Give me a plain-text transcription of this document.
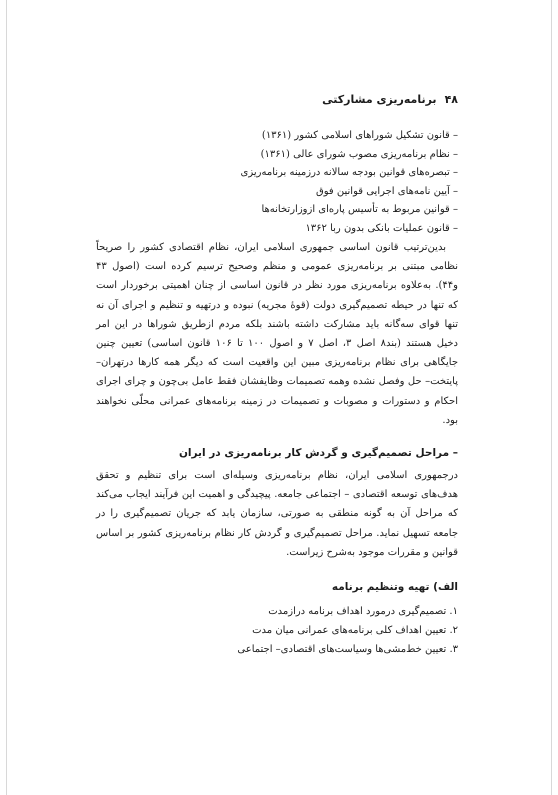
۴۸
برنامه‌ریزی مشارکتی
– قانون تشکیل شوراهای اسلامی کشور (۱۳۶۱)
– نظام برنامه‌ریزی مصوب شورای عالی (۱۳۶۱)
– تبصره‌های قوانین بودجه سالانه درزمینه برنامه‌ریزی
– آیین نامه‌های اجرایی قوانین فوق
– قوانین مربوط به تأسیس پاره‌ای ازوزارتخانه‌ها
– قانون عملیات بانکی بدون ربا ۱۳۶۲

بدین‌ترتیب قانون اساسی جمهوری اسلامی ایران، نظام اقتصادی کشور را صریحاً نظامی مبتنی بر برنامه‌ریزی عمومی و منظم وصحیح ترسیم کرده است (اصول ۴۳ و۴۴). به‌علاوه برنامه‌ریزی مورد نظر در قانون اساسی از چنان اهمیتی برخوردار است که تنها در حیطه تصمیم‌گیری دولت (قوهٔ مجریه) نبوده و درتهیه و تنظیم و اجرای آن نه تنها قوای سه‌گانه باید مشارکت داشته باشند بلکه مردم ازطریق شوراها در این امر دخیل هستند (بند۸ اصل ۳، اصل ۷ و اصول ۱۰۰ تا ۱۰۶ قانون اساسی) تعیین چنین جایگاهی برای نظام برنامه‌ریزی مبین این واقعیت است که دیگر همه کارها درتهران– پایتخت– حل وفصل نشده وهمه تصمیمات وظایفشان فقط عامل بی‌چون و چرای اجرای احکام و دستورات و مصوبات و تصمیمات در زمینه برنامه‌های عمرانی محلّی نخواهند بود.

– مراحل تصمیم‌گیری و گردش کار برنامه‌ریزی در ایران

درجمهوری اسلامی ایران، نظام برنامه‌ریزی وسیله‌ای است برای تنظیم و تحقق هدف‌های توسعه اقتصادی – اجتماعی جامعه. پیچیدگی و اهمیت این فرآیند ایجاب می‌کند که مراحل آن به گونه منطقی به صورتی، سازمان یابد که جریان تصمیم‌گیری را در جامعه تسهیل نماید. مراحل تصمیم‌گیری و گردش کار نظام برنامه‌ریزی کشور بر اساس قوانین و مقررات موجود به‌شرح زیراست.

الف) تهیه وتنظیم برنامه
۱. تصمیم‌گیری درمورد اهداف برنامه درازمدت
۲. تعیین اهداف کلی برنامه‌های عمرانی میان مدت
۳. تعیین خط‌مشی‌ها وسیاست‌های اقتصادی– اجتماعی
